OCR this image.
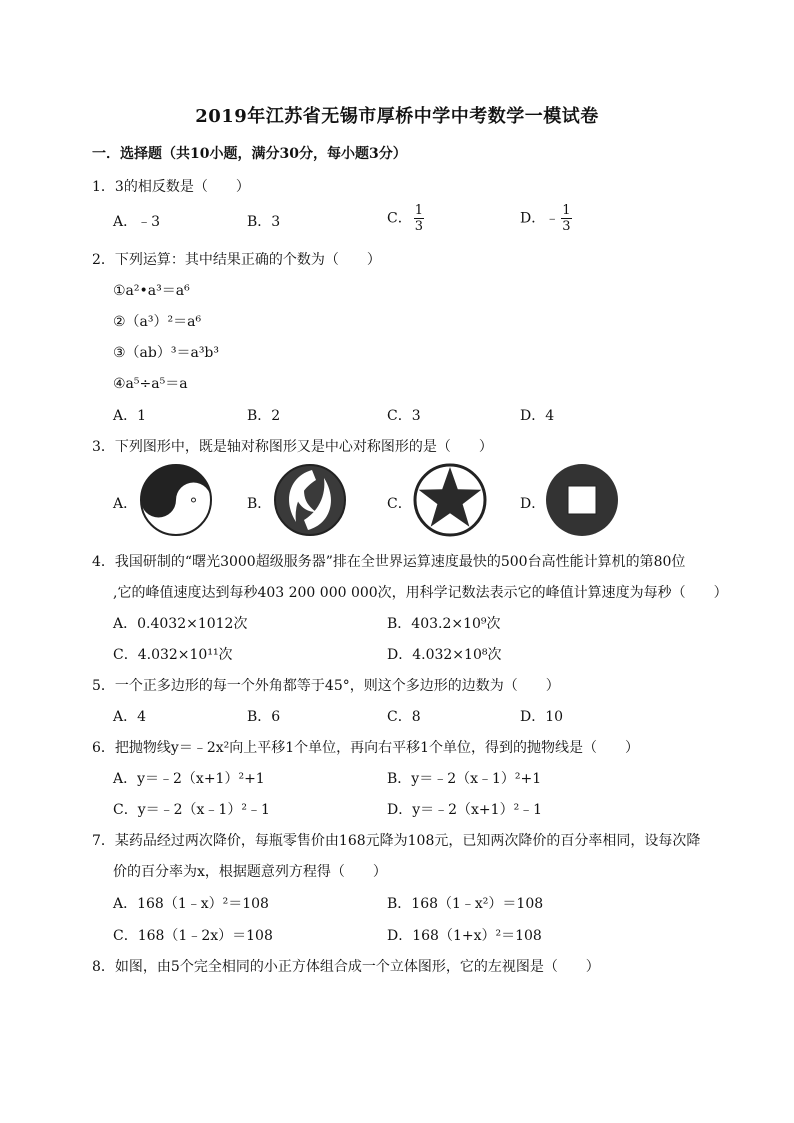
2019年江苏省无锡市厚桥中学中考数学一模试卷
一．选择题（共10小题，满分30分，每小题3分）
1．3的相反数是（　　）
A．﹣3	B．3	C． $\frac{1}{3}$	D．﹣ $\frac{1}{3}$
2．下列运算：其中结果正确的个数为（　　）
①a²•a³＝a⁶
②（a³）²＝a⁶
③（ab）³＝a³b³
④a⁵÷a⁵＝a
A．1	B．2	C．3	D．4
3．下列图形中，既是轴对称图形又是中心对称图形的是（　　）
A．	B．	C．	D．
4．我国研制的“曙光3000超级服务器”排在全世界运算速度最快的500台高性能计算机的第80位
,它的峰值速度达到每秒403 200 000 000次，用科学记数法表示它的峰值计算速度为每秒（　　）
A．0.4032×1012次	B．403.2×10⁹次
C．4.032×10¹¹次	D．4.032×10⁸次
5．一个正多边形的每一个外角都等于45°，则这个多边形的边数为（　　）
A．4	B．6	C．8	D．10
6．把抛物线y＝﹣2x²向上平移1个单位，再向右平移1个单位，得到的抛物线是（　　）
A．y＝﹣2（x+1）²+1	B．y＝﹣2（x﹣1）²+1
C．y＝﹣2（x﹣1）²﹣1	D．y＝﹣2（x+1）²﹣1
7．某药品经过两次降价，每瓶零售价由168元降为108元，已知两次降价的百分率相同，设每次降
价的百分率为x，根据题意列方程得（　　）
A．168（1﹣x）²＝108	B．168（1﹣x²）＝108
C．168（1﹣2x）＝108	D．168（1+x）²＝108
8．如图，由5个完全相同的小正方体组合成一个立体图形，它的左视图是（　　）
